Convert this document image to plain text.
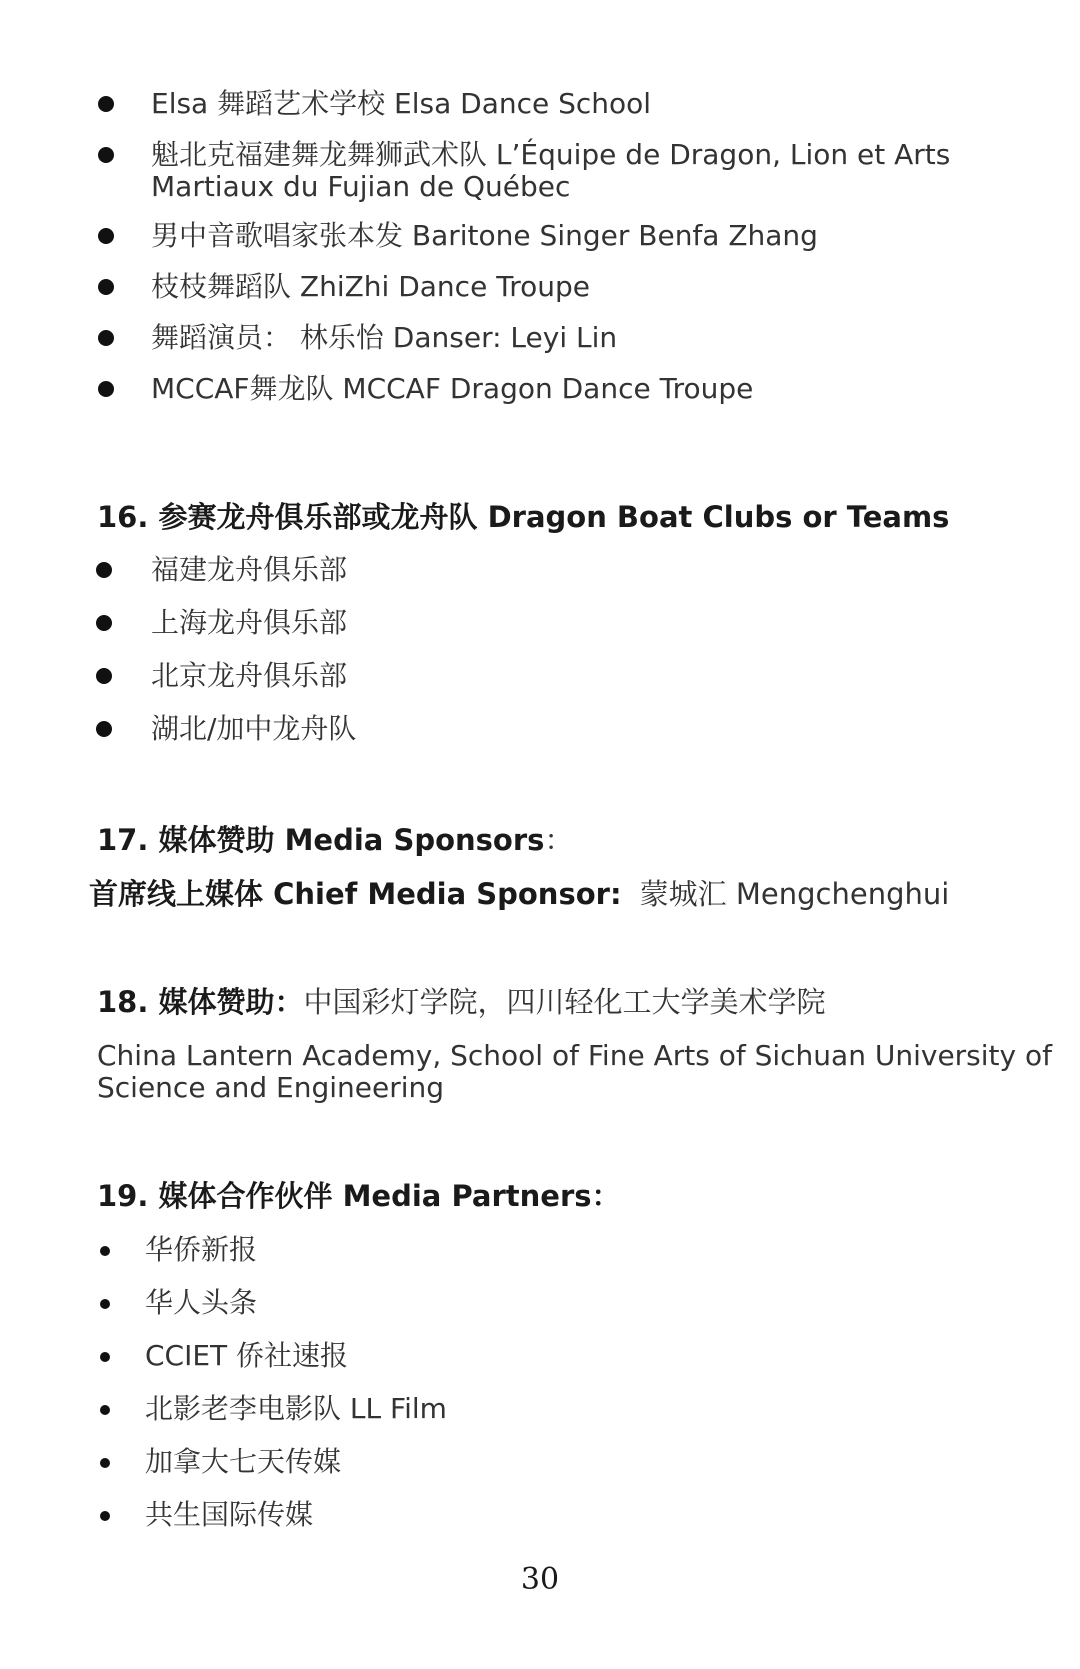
Elsa 舞蹈艺术学校 Elsa Dance School
魁北克福建舞龙舞狮武术队 L’Équipe de Dragon, Lion et Arts Martiaux du Fujian de Québec
男中音歌唱家张本发 Baritone Singer Benfa Zhang
枝枝舞蹈队 ZhiZhi Dance Troupe
舞蹈演员： 林乐怡 Danser: Leyi Lin
MCCAF舞龙队 MCCAF Dragon Dance Troupe
16. 参赛龙舟俱乐部或龙舟队 Dragon Boat Clubs or Teams
福建龙舟俱乐部
上海龙舟俱乐部
北京龙舟俱乐部
湖北/加中龙舟队
17. 媒体赞助 Media Sponsors：
首席线上媒体 Chief Media Sponsor: 蒙城汇 Mengchenghui
18. 媒体赞助：中国彩灯学院，四川轻化工大学美术学院
China Lantern Academy, School of Fine Arts of Sichuan University of Science and Engineering
19. 媒体合作伙伴 Media Partners：
华侨新报
华人头条
CCIET 侨社速报
北影老李电影队 LL Film
加拿大七天传媒
共生国际传媒
30
